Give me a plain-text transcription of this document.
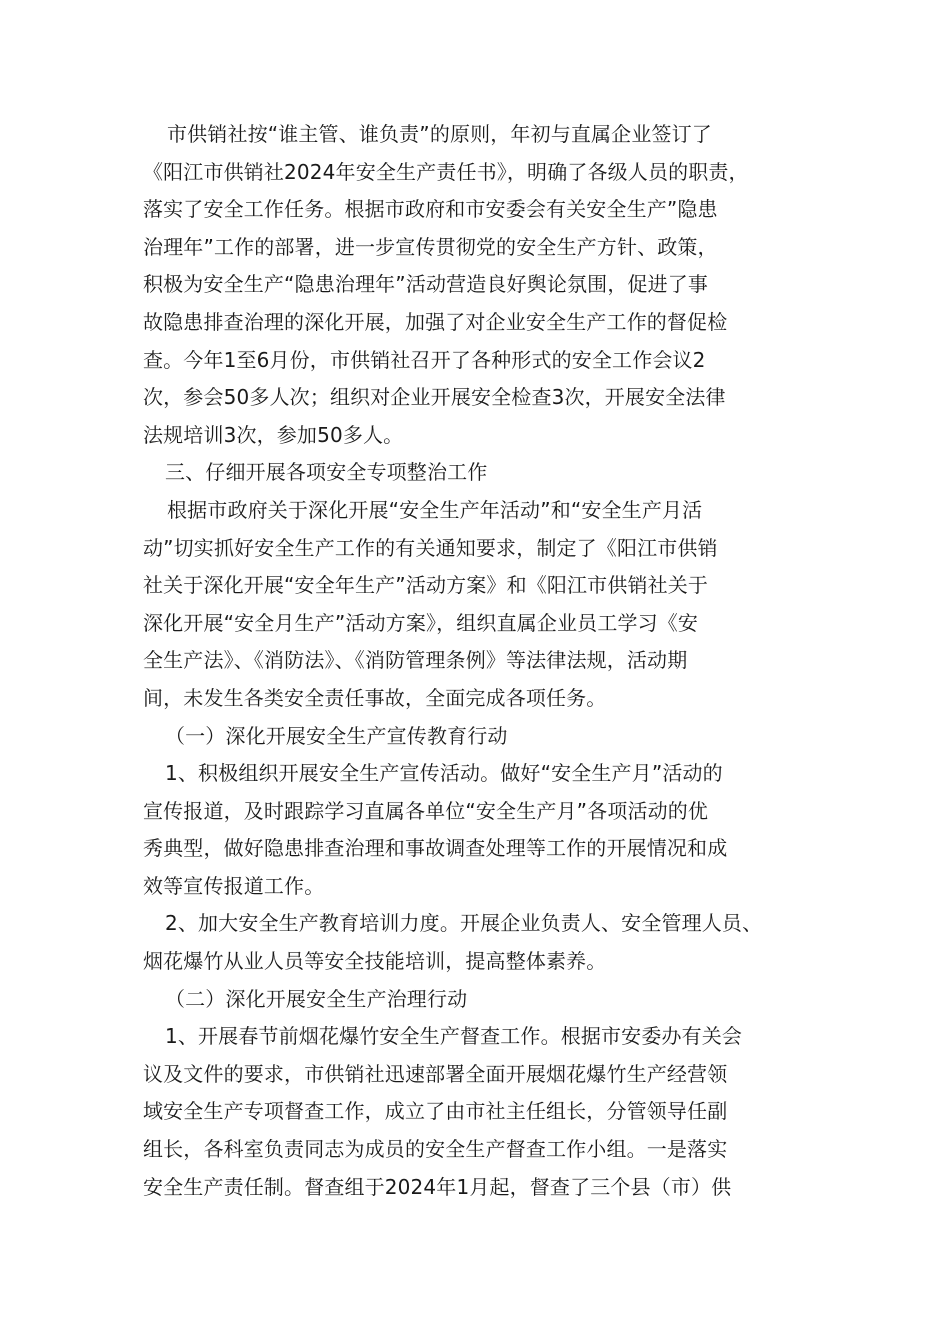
市供销社按“谁主管、谁负责”的原则，年初与直属企业签订了
《阳江市供销社2024年安全生产责任书》，明确了各级人员的职责，
落实了安全工作任务。根据市政府和市安委会有关安全生产”隐患
治理年”工作的部署，进一步宣传贯彻党的安全生产方针、政策，
积极为安全生产“隐患治理年”活动营造良好舆论氛围，促进了事
故隐患排查治理的深化开展，加强了对企业安全生产工作的督促检
查。今年1至6月份，市供销社召开了各种形式的安全工作会议2
次，参会50多人次；组织对企业开展安全检查3次，开展安全法律
法规培训3次，参加50多人。
三、仔细开展各项安全专项整治工作
根据市政府关于深化开展“安全生产年活动”和“安全生产月活
动”切实抓好安全生产工作的有关通知要求，制定了《阳江市供销
社关于深化开展“安全年生产”活动方案》和《阳江市供销社关于
深化开展“安全月生产”活动方案》，组织直属企业员工学习《安
全生产法》、《消防法》、《消防管理条例》等法律法规，活动期
间，未发生各类安全责任事故，全面完成各项任务。
（一）深化开展安全生产宣传教育行动
1、积极组织开展安全生产宣传活动。做好“安全生产月”活动的
宣传报道，及时跟踪学习直属各单位“安全生产月”各项活动的优
秀典型，做好隐患排查治理和事故调查处理等工作的开展情况和成
效等宣传报道工作。
2、加大安全生产教育培训力度。开展企业负责人、安全管理人员、
烟花爆竹从业人员等安全技能培训，提高整体素养。
（二）深化开展安全生产治理行动
1、开展春节前烟花爆竹安全生产督查工作。根据市安委办有关会
议及文件的要求，市供销社迅速部署全面开展烟花爆竹生产经营领
域安全生产专项督查工作，成立了由市社主任组长，分管领导任副
组长，各科室负责同志为成员的安全生产督查工作小组。一是落实
安全生产责任制。督查组于2024年1月起，督查了三个县（市）供
